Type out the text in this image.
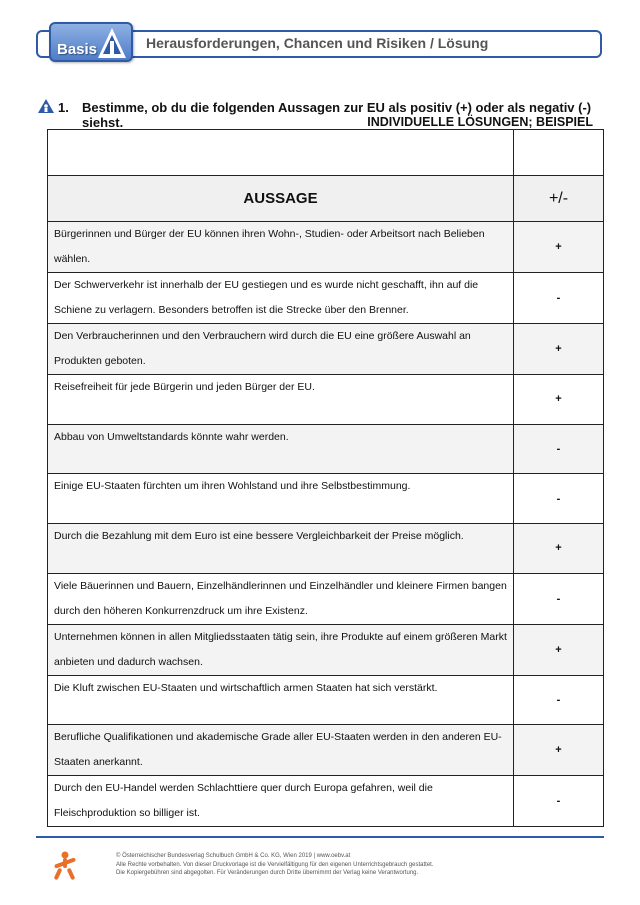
Basis	Herausforderungen, Chancen und Risiken / Lösung
1. Bestimme, ob du die folgenden Aussagen zur EU als positiv (+) oder als negativ (-)
siehst.	INDIVIDUELLE LÖSUNGEN; BEISPIEL

AUSSAGE	+/-
Bürgerinnen und Bürger der EU können ihren Wohn-, Studien- oder Arbeitsort nach Belieben wählen.	+
Der Schwerverkehr ist innerhalb der EU gestiegen und es wurde nicht geschafft, ihn auf die Schiene zu verlagern. Besonders betroffen ist die Strecke über den Brenner.	-
Den Verbraucherinnen und den Verbrauchern wird durch die EU eine größere Auswahl an Produkten geboten.	+
Reisefreiheit für jede Bürgerin und jeden Bürger der EU.	+
Abbau von Umweltstandards könnte wahr werden.	-
Einige EU-Staaten fürchten um ihren Wohlstand und ihre Selbstbestimmung.	-
Durch die Bezahlung mit dem Euro ist eine bessere Vergleichbarkeit der Preise möglich.	+
Viele Bäuerinnen und Bauern, Einzelhändlerinnen und Einzelhändler und kleinere Firmen bangen durch den höheren Konkurrenzdruck um ihre Existenz.	-
Unternehmen können in allen Mitgliedsstaaten tätig sein, ihre Produkte auf einem größeren Markt anbieten und dadurch wachsen.	+
Die Kluft zwischen EU-Staaten und wirtschaftlich armen Staaten hat sich verstärkt.	-
Berufliche Qualifikationen und akademische Grade aller EU-Staaten werden in den anderen EU-Staaten anerkannt.	+
Durch den EU-Handel werden Schlachttiere quer durch Europa gefahren, weil die Fleischproduktion so billiger ist.	-
© Österreichischer Bundesverlag Schulbuch GmbH & Co. KG, Wien 2019 | www.oebv.at
Alle Rechte vorbehalten. Von dieser Druckvorlage ist die Vervielfältigung für den eigenen Unterrichtsgebrauch gestattet.
Die Kopiergebühren sind abgegolten. Für Veränderungen durch Dritte übernimmt der Verlag keine Verantwortung.
